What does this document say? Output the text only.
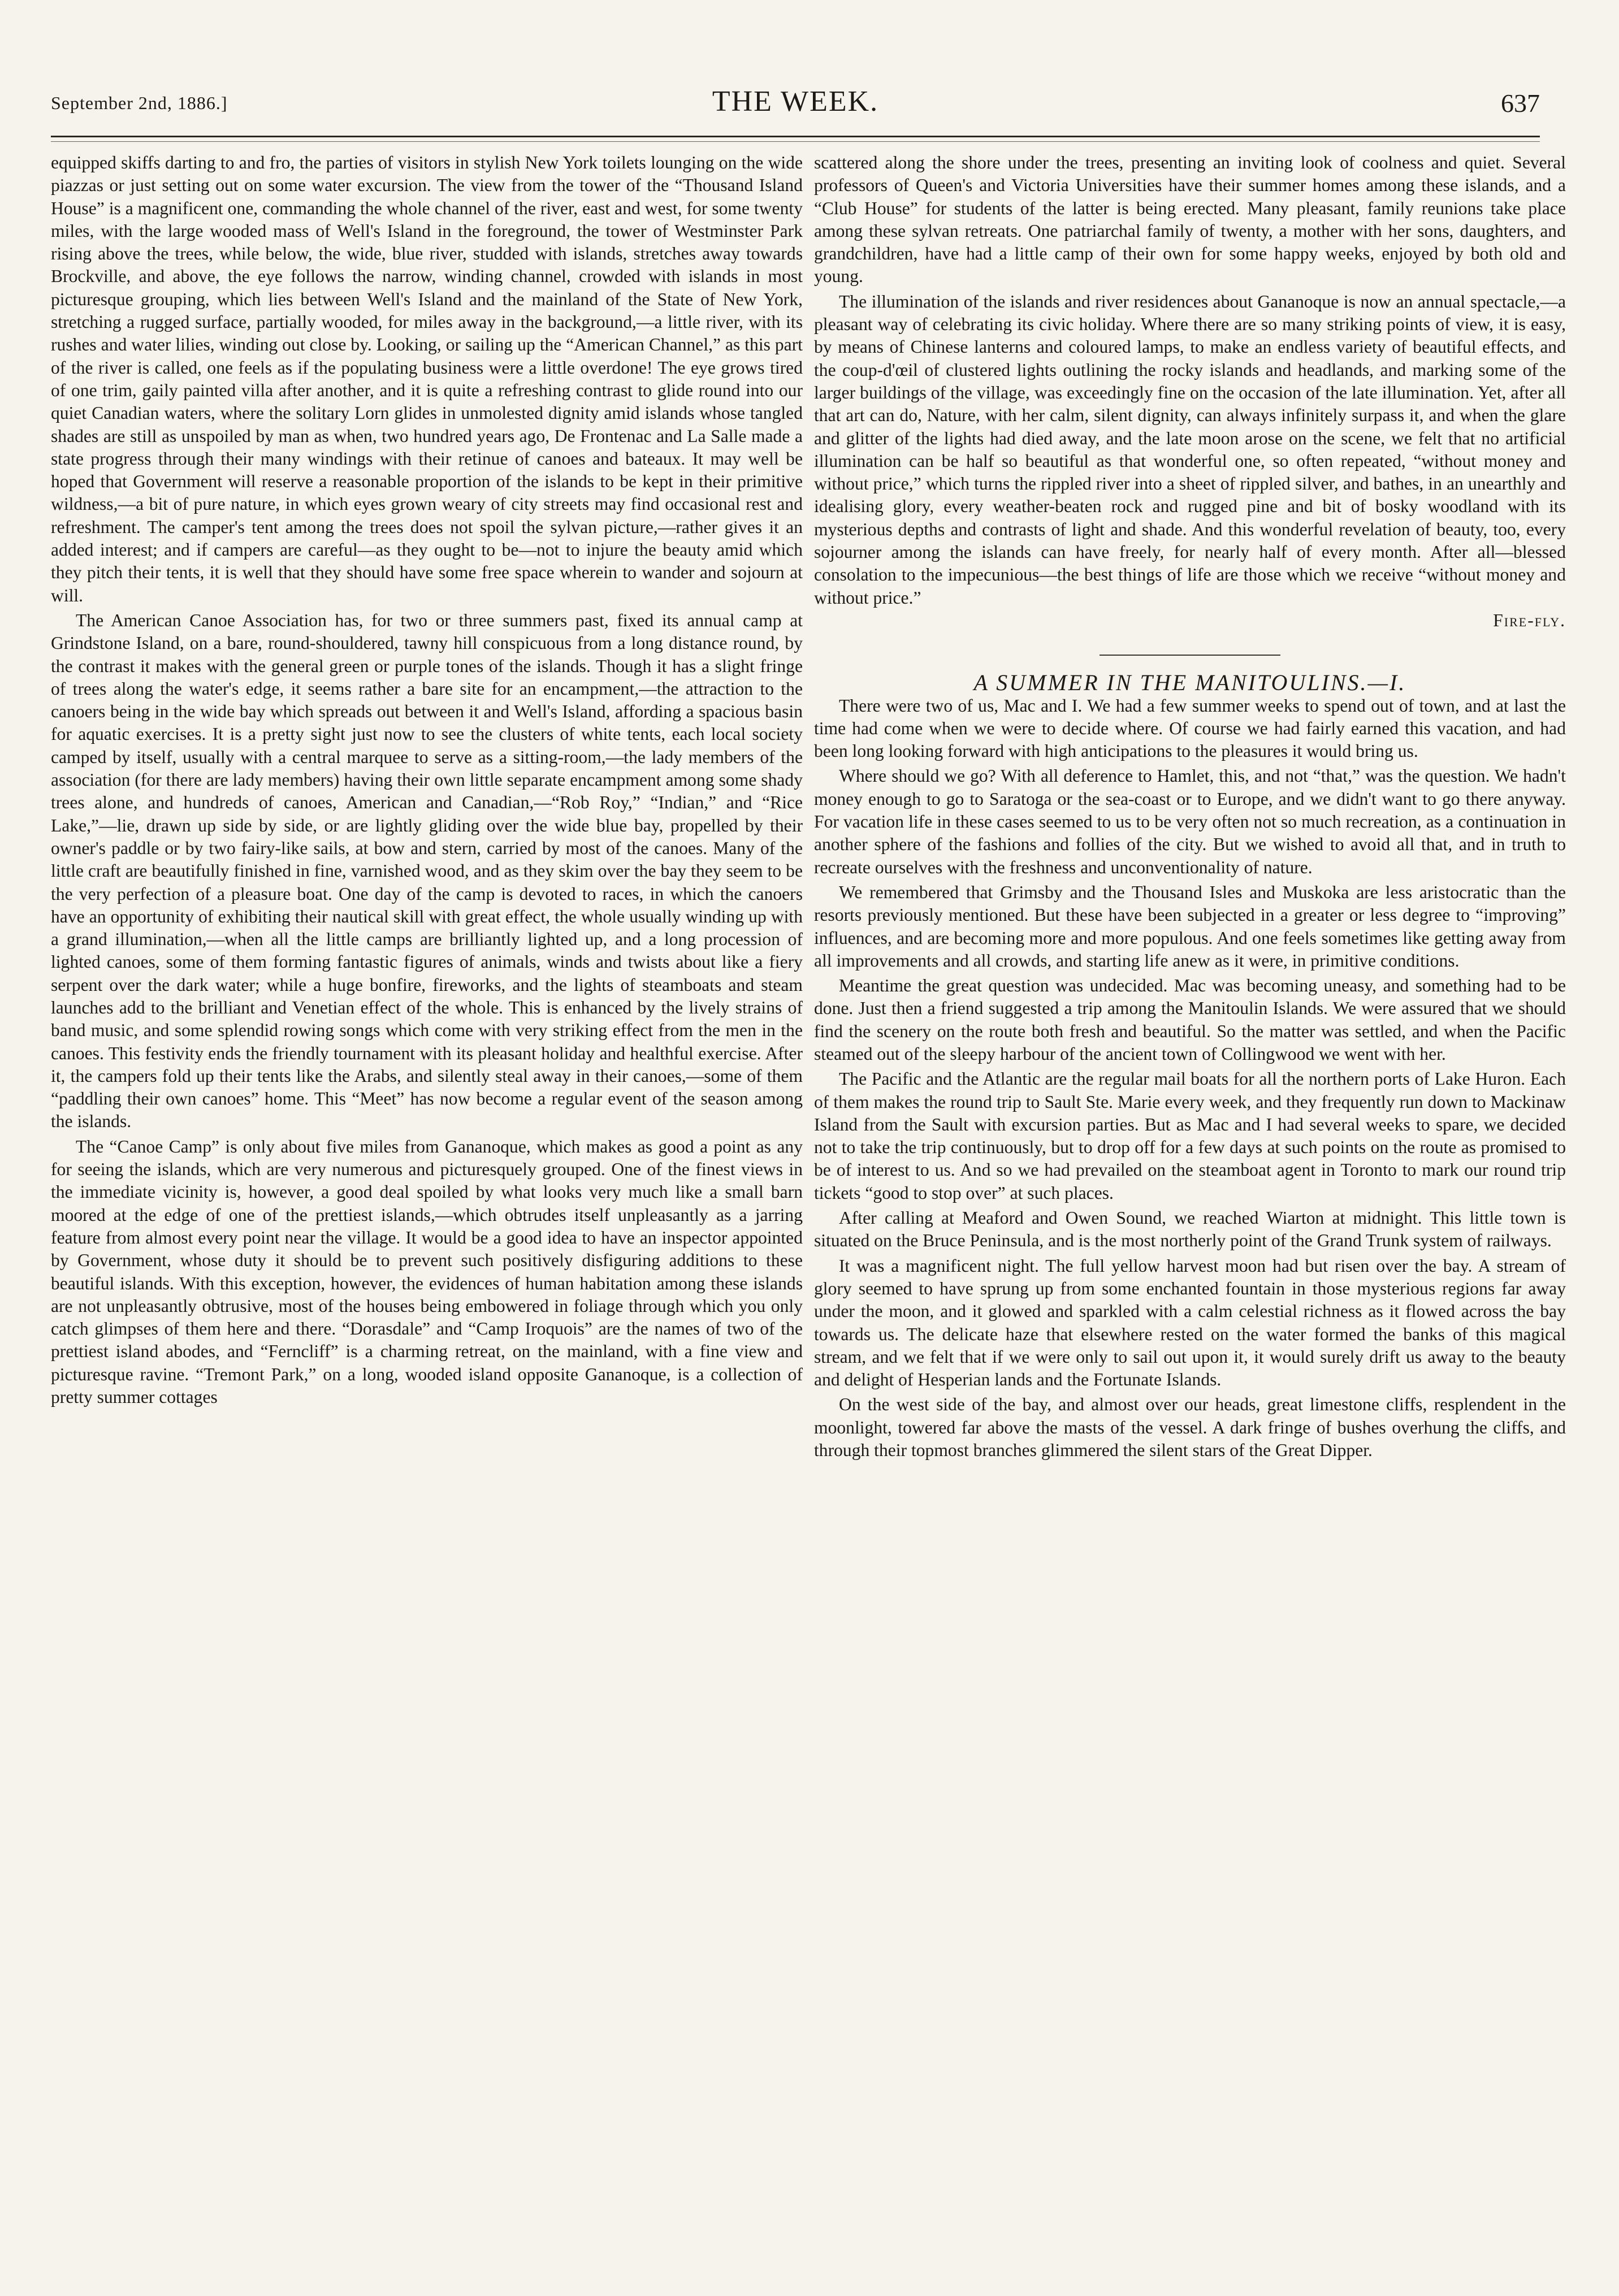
September 2nd, 1886.]	THE WEEK.	637

equipped skiffs darting to and fro, the parties of visitors in stylish New York toilets lounging on the wide piazzas or just setting out on some water excursion. The view from the tower of the “Thousand Island House” is a magnificent one, commanding the whole channel of the river, east and west, for some twenty miles, with the large wooded mass of Well's Island in the foreground, the tower of Westminster Park rising above the trees, while below, the wide, blue river, studded with islands, stretches away towards Brockville, and above, the eye follows the narrow, winding channel, crowded with islands in most picturesque grouping, which lies between Well's Island and the mainland of the State of New York, stretching a rugged surface, partially wooded, for miles away in the background,—a little river, with its rushes and water lilies, winding out close by. Looking, or sailing up the “American Channel,” as this part of the river is called, one feels as if the populating business were a little overdone! The eye grows tired of one trim, gaily painted villa after another, and it is quite a refreshing contrast to glide round into our quiet Canadian waters, where the solitary Lorn glides in unmolested dignity amid islands whose tangled shades are still as unspoiled by man as when, two hundred years ago, De Frontenac and La Salle made a state progress through their many windings with their retinue of canoes and bateaux. It may well be hoped that Government will reserve a reasonable proportion of the islands to be kept in their primitive wildness,—a bit of pure nature, in which eyes grown weary of city streets may find occasional rest and refreshment. The camper's tent among the trees does not spoil the sylvan picture,—rather gives it an added interest; and if campers are careful—as they ought to be—not to injure the beauty amid which they pitch their tents, it is well that they should have some free space wherein to wander and sojourn at will.

The American Canoe Association has, for two or three summers past, fixed its annual camp at Grindstone Island, on a bare, round-shouldered, tawny hill conspicuous from a long distance round, by the contrast it makes with the general green or purple tones of the islands. Though it has a slight fringe of trees along the water's edge, it seems rather a bare site for an encampment,—the attraction to the canoers being in the wide bay which spreads out between it and Well's Island, affording a spacious basin for aquatic exercises. It is a pretty sight just now to see the clusters of white tents, each local society camped by itself, usually with a central marquee to serve as a sitting-room,—the lady members of the association (for there are lady members) having their own little separate encampment among some shady trees alone, and hundreds of canoes, American and Canadian,—“Rob Roy,” “Indian,” and “Rice Lake,”—lie, drawn up side by side, or are lightly gliding over the wide blue bay, propelled by their owner's paddle or by two fairy-like sails, at bow and stern, carried by most of the canoes. Many of the little craft are beautifully finished in fine, varnished wood, and as they skim over the bay they seem to be the very perfection of a pleasure boat. One day of the camp is devoted to races, in which the canoers have an opportunity of exhibiting their nautical skill with great effect, the whole usually winding up with a grand illumination,—when all the little camps are brilliantly lighted up, and a long procession of lighted canoes, some of them forming fantastic figures of animals, winds and twists about like a fiery serpent over the dark water; while a huge bonfire, fireworks, and the lights of steamboats and steam launches add to the brilliant and Venetian effect of the whole. This is enhanced by the lively strains of band music, and some splendid rowing songs which come with very striking effect from the men in the canoes. This festivity ends the friendly tournament with its pleasant holiday and healthful exercise. After it, the campers fold up their tents like the Arabs, and silently steal away in their canoes,—some of them “paddling their own canoes” home. This “Meet” has now become a regular event of the season among the islands.

The “Canoe Camp” is only about five miles from Gananoque, which makes as good a point as any for seeing the islands, which are very numerous and picturesquely grouped. One of the finest views in the immediate vicinity is, however, a good deal spoiled by what looks very much like a small barn moored at the edge of one of the prettiest islands,—which obtrudes itself unpleasantly as a jarring feature from almost every point near the village. It would be a good idea to have an inspector appointed by Government, whose duty it should be to prevent such positively disfiguring additions to these beautiful islands. With this exception, however, the evidences of human habitation among these islands are not unpleasantly obtrusive, most of the houses being embowered in foliage through which you only catch glimpses of them here and there. “Dorasdale” and “Camp Iroquois” are the names of two of the prettiest island abodes, and “Ferncliff” is a charming retreat, on the mainland, with a fine view and picturesque ravine. “Tremont Park,” on a long, wooded island opposite Gananoque, is a collection of pretty summer cottages

scattered along the shore under the trees, presenting an inviting look of coolness and quiet. Several professors of Queen's and Victoria Universities have their summer homes among these islands, and a “Club House” for students of the latter is being erected. Many pleasant, family reunions take place among these sylvan retreats. One patriarchal family of twenty, a mother with her sons, daughters, and grandchildren, have had a little camp of their own for some happy weeks, enjoyed by both old and young.

The illumination of the islands and river residences about Gananoque is now an annual spectacle,—a pleasant way of celebrating its civic holiday. Where there are so many striking points of view, it is easy, by means of Chinese lanterns and coloured lamps, to make an endless variety of beautiful effects, and the coup-d'œil of clustered lights outlining the rocky islands and headlands, and marking some of the larger buildings of the village, was exceedingly fine on the occasion of the late illumination. Yet, after all that art can do, Nature, with her calm, silent dignity, can always infinitely surpass it, and when the glare and glitter of the lights had died away, and the late moon arose on the scene, we felt that no artificial illumination can be half so beautiful as that wonderful one, so often repeated, “without money and without price,” which turns the rippled river into a sheet of rippled silver, and bathes, in an unearthly and idealising glory, every weather-beaten rock and rugged pine and bit of bosky woodland with its mysterious depths and contrasts of light and shade. And this wonderful revelation of beauty, too, every sojourner among the islands can have freely, for nearly half of every month. After all—blessed consolation to the impecunious—the best things of life are those which we receive “without money and without price.”

Fire-fly.

A SUMMER IN THE MANITOULINS.—I.

There were two of us, Mac and I. We had a few summer weeks to spend out of town, and at last the time had come when we were to decide where. Of course we had fairly earned this vacation, and had been long looking forward with high anticipations to the pleasures it would bring us.

Where should we go? With all deference to Hamlet, this, and not “that,” was the question. We hadn't money enough to go to Saratoga or the sea-coast or to Europe, and we didn't want to go there anyway. For vacation life in these cases seemed to us to be very often not so much recreation, as a continuation in another sphere of the fashions and follies of the city. But we wished to avoid all that, and in truth to recreate ourselves with the freshness and unconventionality of nature.

We remembered that Grimsby and the Thousand Isles and Muskoka are less aristocratic than the resorts previously mentioned. But these have been subjected in a greater or less degree to “improving” influences, and are becoming more and more populous. And one feels sometimes like getting away from all improvements and all crowds, and starting life anew as it were, in primitive conditions.

Meantime the great question was undecided. Mac was becoming uneasy, and something had to be done. Just then a friend suggested a trip among the Manitoulin Islands. We were assured that we should find the scenery on the route both fresh and beautiful. So the matter was settled, and when the Pacific steamed out of the sleepy harbour of the ancient town of Collingwood we went with her.

The Pacific and the Atlantic are the regular mail boats for all the northern ports of Lake Huron. Each of them makes the round trip to Sault Ste. Marie every week, and they frequently run down to Mackinaw Island from the Sault with excursion parties. But as Mac and I had several weeks to spare, we decided not to take the trip continuously, but to drop off for a few days at such points on the route as promised to be of interest to us. And so we had prevailed on the steamboat agent in Toronto to mark our round trip tickets “good to stop over” at such places.

After calling at Meaford and Owen Sound, we reached Wiarton at midnight. This little town is situated on the Bruce Peninsula, and is the most northerly point of the Grand Trunk system of railways.

It was a magnificent night. The full yellow harvest moon had but risen over the bay. A stream of glory seemed to have sprung up from some enchanted fountain in those mysterious regions far away under the moon, and it glowed and sparkled with a calm celestial richness as it flowed across the bay towards us. The delicate haze that elsewhere rested on the water formed the banks of this magical stream, and we felt that if we were only to sail out upon it, it would surely drift us away to the beauty and delight of Hesperian lands and the Fortunate Islands.

On the west side of the bay, and almost over our heads, great limestone cliffs, resplendent in the moonlight, towered far above the masts of the vessel. A dark fringe of bushes overhung the cliffs, and through their topmost branches glimmered the silent stars of the Great Dipper.
